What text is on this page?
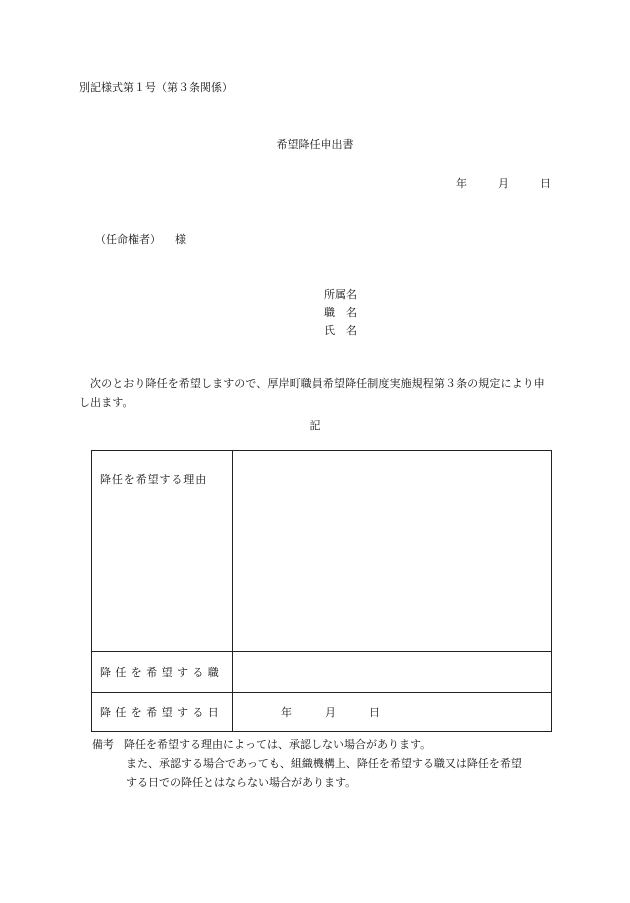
別記様式第１号（第３条関係）
希望降任申出書
年	月	日
（任命権者） 様
所属名
職　名
氏　名
次のとおり降任を希望しますので、厚岸町職員希望降任制度実施規程第３条の規定により申し出ます。
記
降任を希望する理由	
降任を希望する職	
降任を希望する日	年 月 日
備考 降任を希望する理由によっては、承認しない場合があります。
また、承認する場合であっても、組織機構上、降任を希望する職又は降任を希望
する日での降任とはならない場合があります。
